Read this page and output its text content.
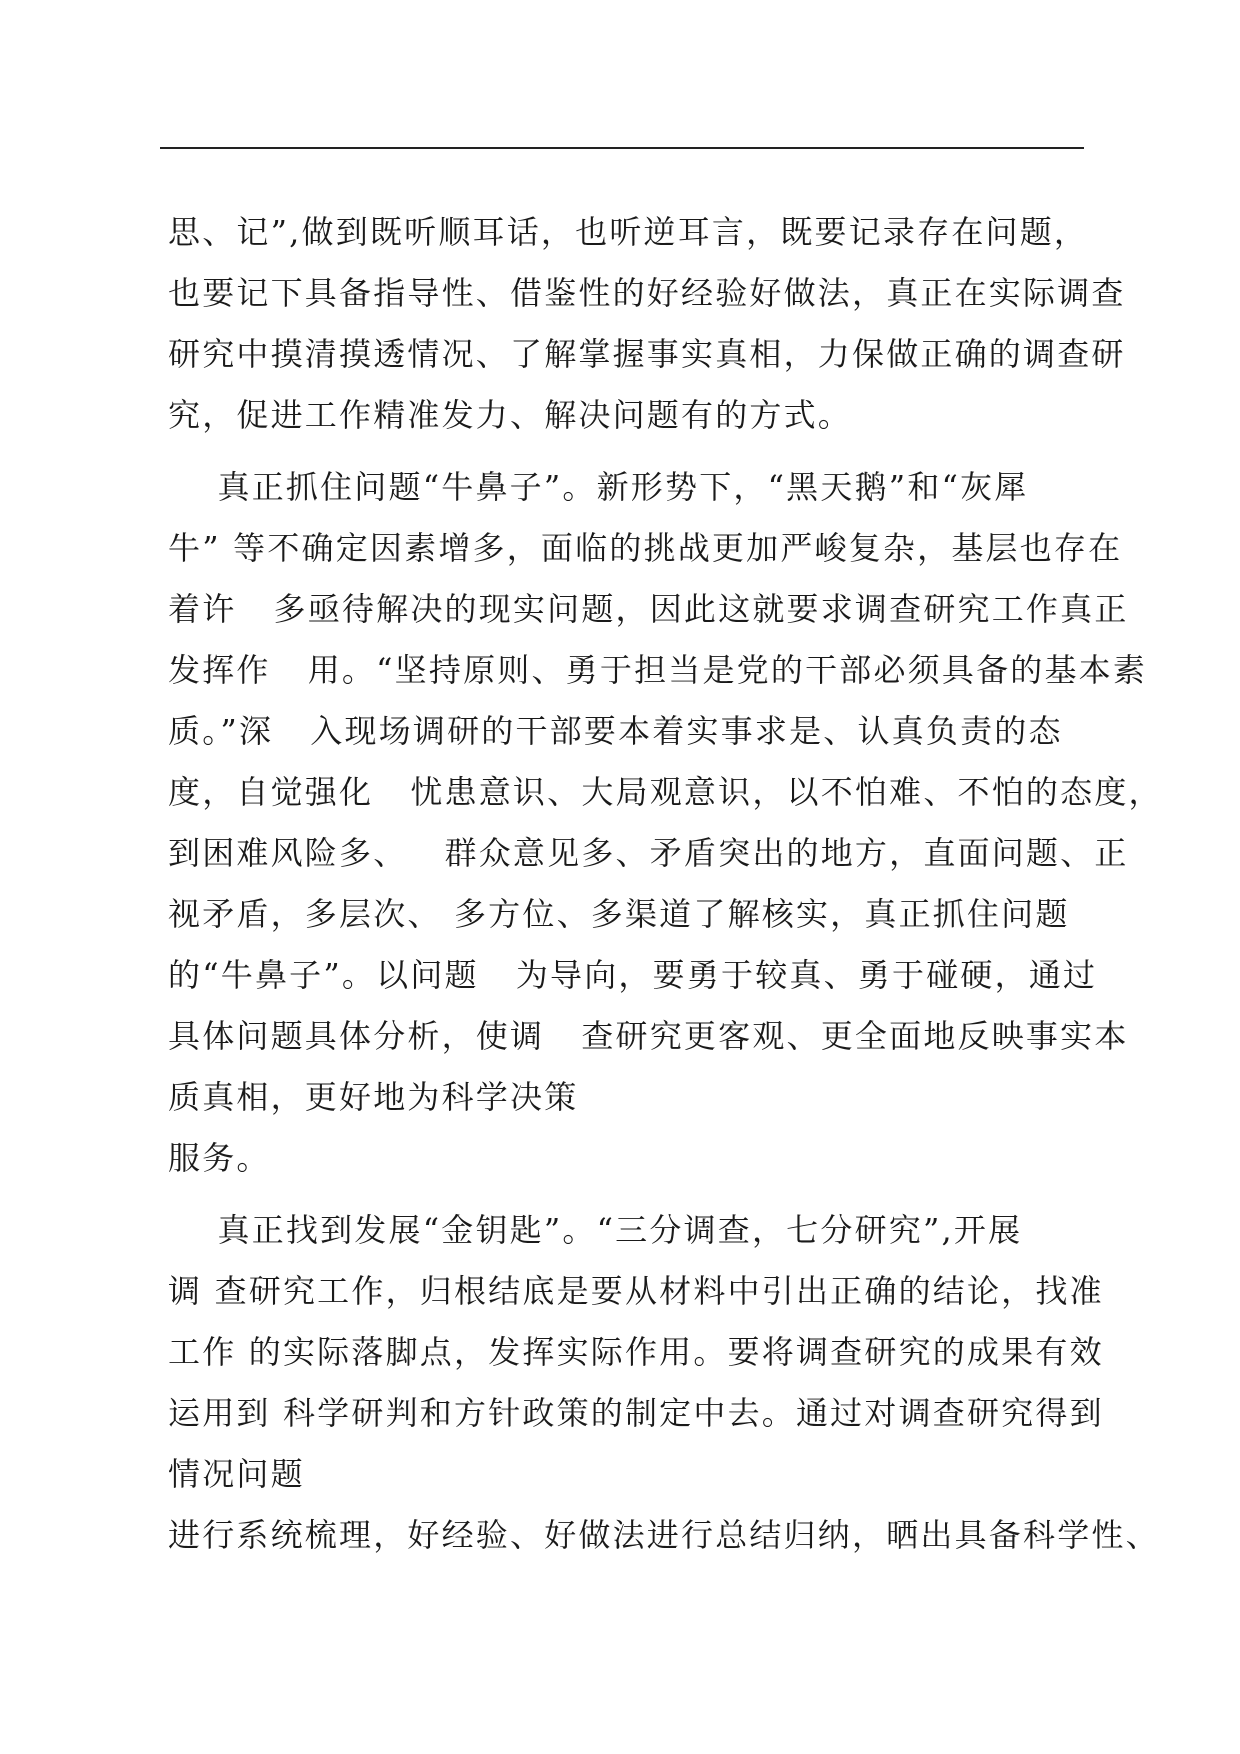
思、记”,做到既听顺耳话，也听逆耳言，既要记录存在问题，
也要记下具备指导性、借鉴性的好经验好做法，真正在实际调查
研究中摸清摸透情况、了解掌握事实真相，力保做正确的调查研
究，促进工作精准发力、解决问题有的方式。
真正抓住问题“牛鼻子”。新形势下，“黑天鹅”和“灰犀
牛” 等不确定因素增多，面临的挑战更加严峻复杂，基层也存在
着许   多亟待解决的现实问题，因此这就要求调查研究工作真正
发挥作   用。“坚持原则、勇于担当是党的干部必须具备的基本素
质。”深   入现场调研的干部要本着实事求是、认真负责的态
度，自觉强化   忧患意识、大局观意识，以不怕难、不怕的态度，
到困难风险多、   群众意见多、矛盾突出的地方，直面问题、正
视矛盾，多层次、 多方位、多渠道了解核实，真正抓住问题
的“牛鼻子”。以问题   为导向，要勇于较真、勇于碰硬，通过
具体问题具体分析，使调   查研究更客观、更全面地反映事实本
质真相，更好地为科学决策
服务。
真正找到发展“金钥匙”。“三分调查，七分研究”,开展
调 查研究工作，归根结底是要从材料中引出正确的结论，找准
工作 的实际落脚点，发挥实际作用。要将调查研究的成果有效
运用到 科学研判和方针政策的制定中去。通过对调查研究得到
情况问题
进行系统梳理，好经验、好做法进行总结归纳，晒出具备科学性、
